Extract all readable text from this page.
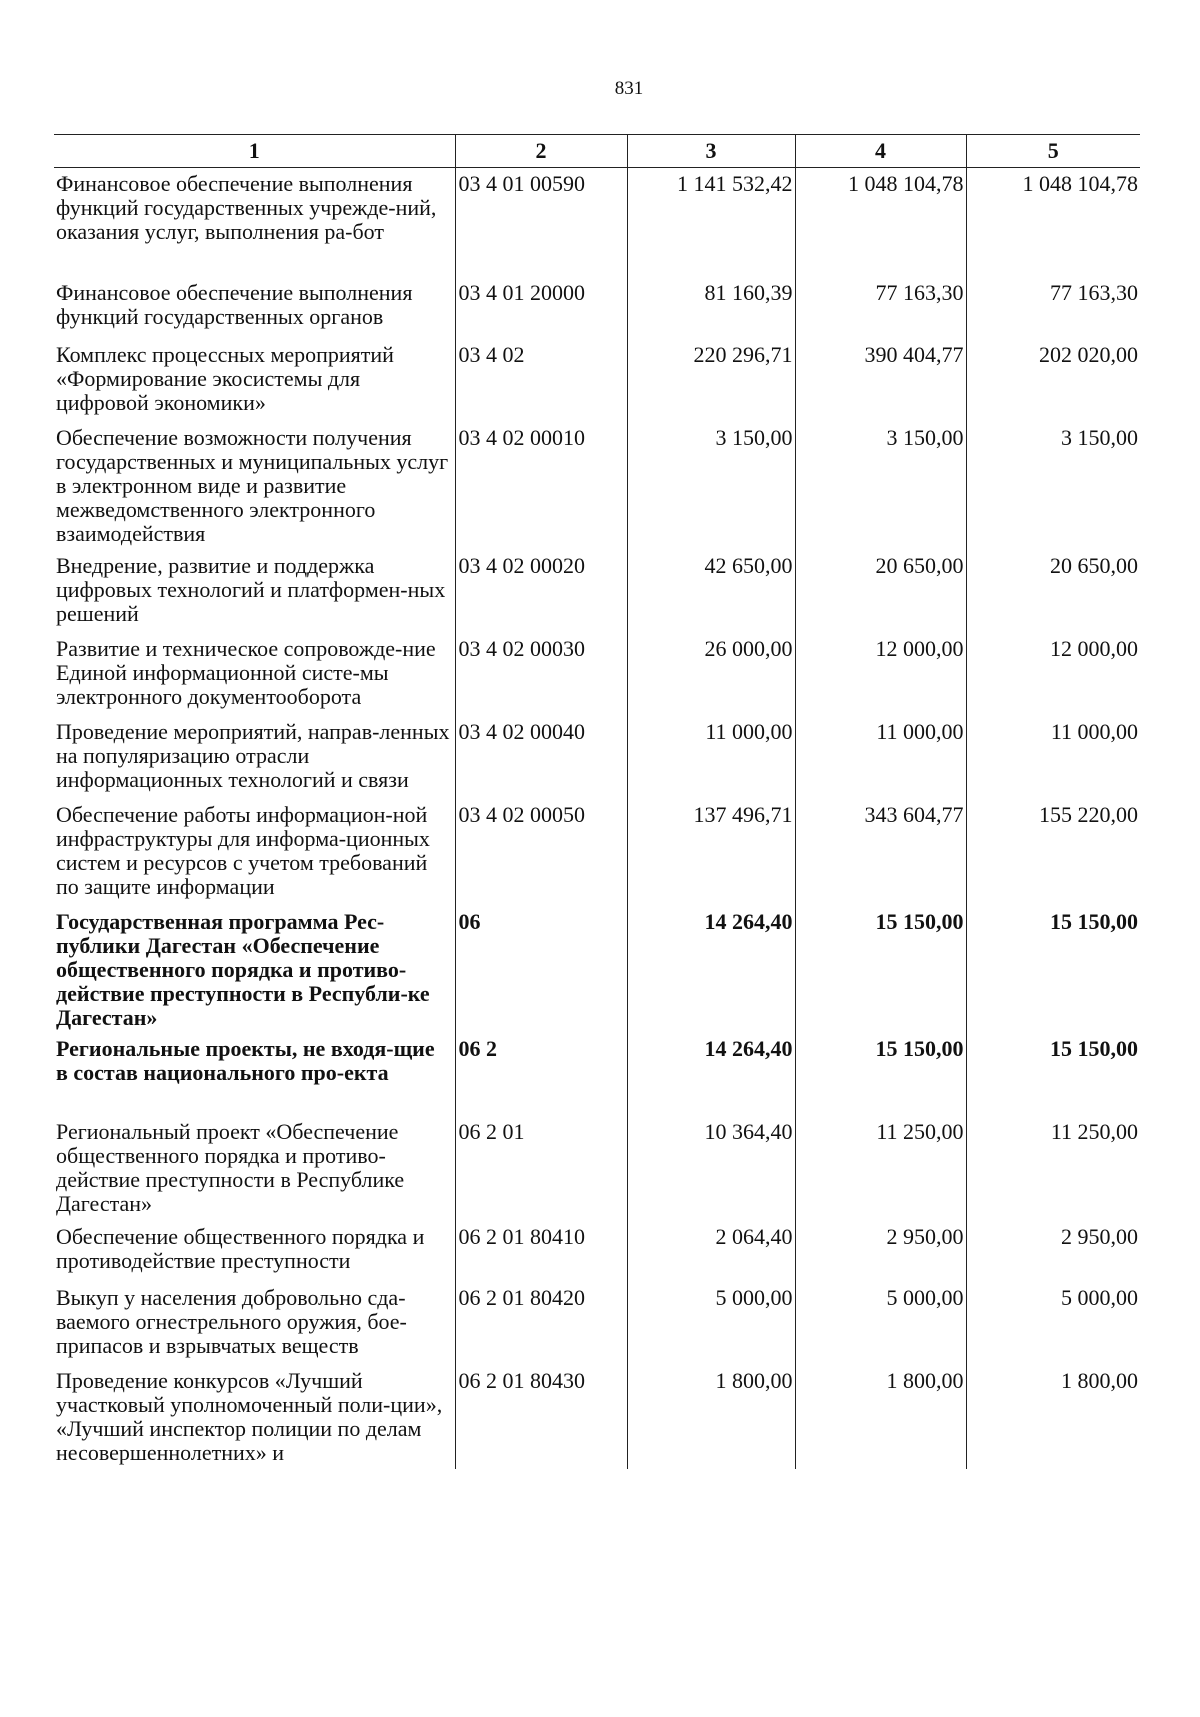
831
1	2	3	4	5
Финансовое обеспечение выполнения функций государственных учрежде-ний, оказания услуг, выполнения ра-бот	03 4 01 00590	1 141 532,42	1 048 104,78	1 048 104,78
Финансовое обеспечение выполнения функций государственных органов	03 4 01 20000	81 160,39	77 163,30	77 163,30
Комплекс процессных мероприятий «Формирование экосистемы для цифровой экономики»	03 4 02	220 296,71	390 404,77	202 020,00
Обеспечение возможности получения государственных и муниципальных услуг в электронном виде и развитие межведомственного электронного взаимодействия	03 4 02 00010	3 150,00	3 150,00	3 150,00
Внедрение, развитие и поддержка цифровых технологий и платформен-ных решений	03 4 02 00020	42 650,00	20 650,00	20 650,00
Развитие и техническое сопровожде-ние Единой информационной систе-мы электронного документооборота	03 4 02 00030	26 000,00	12 000,00	12 000,00
Проведение мероприятий, направ-ленных на популяризацию отрасли информационных технологий и связи	03 4 02 00040	11 000,00	11 000,00	11 000,00
Обеспечение работы информацион-ной инфраструктуры для информа-ционных систем и ресурсов с учетом требований по защите информации	03 4 02 00050	137 496,71	343 604,77	155 220,00
Государственная программа Рес-публики Дагестан «Обеспечение общественного порядка и противо-действие преступности в Республи-ке Дагестан»	06	14 264,40	15 150,00	15 150,00
Региональные проекты, не входя-щие в состав национального про-екта	06 2	14 264,40	15 150,00	15 150,00
Региональный проект «Обеспечение общественного порядка и противо-действие преступности в Республике Дагестан»	06 2 01	10 364,40	11 250,00	11 250,00
Обеспечение общественного порядка и противодействие преступности	06 2 01 80410	2 064,40	2 950,00	2 950,00
Выкуп у населения добровольно сда-ваемого огнестрельного оружия, бое-припасов и взрывчатых веществ	06 2 01 80420	5 000,00	5 000,00	5 000,00
Проведение конкурсов «Лучший участковый уполномоченный поли-ции», «Лучший инспектор полиции по делам несовершеннолетних» и	06 2 01 80430	1 800,00	1 800,00	1 800,00
